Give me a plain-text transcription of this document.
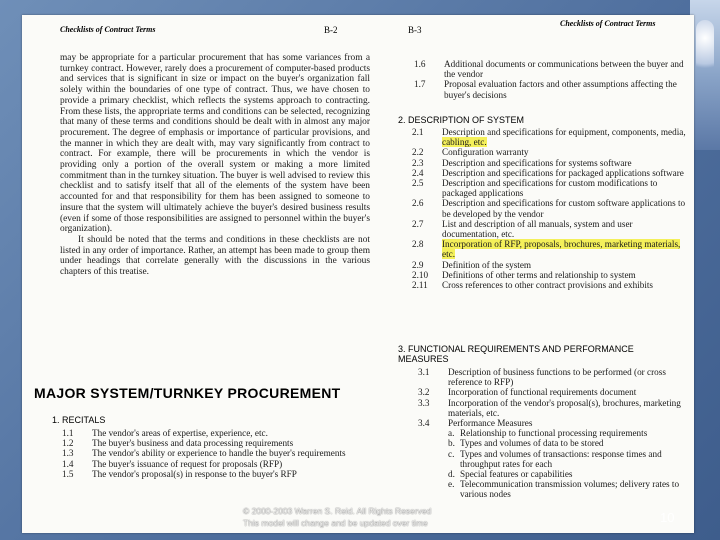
Checklists of Contract Terms	B-2

may be appropriate for a particular procurement that has some variances from a turnkey contract. However, rarely does a procurement of computer-based products and services that is significant in size or impact on the buyer's organization fall solely within the boundaries of one type of contract. Thus, we have chosen to provide a primary checklist, which reflects the systems approach to contracting. From these lists, the appropriate terms and conditions can be selected, recognizing that many of these terms and conditions should be dealt with in almost any major procurement. The degree of emphasis or importance of particular provisions, and the manner in which they are dealt with, may vary significantly from contract to contract. For example, there will be procurements in which the vendor is providing only a portion of the overall system or making a more limited commitment than in the turnkey situation. The buyer is well advised to review this checklist and to satisfy itself that all of the elements of the system have been accounted for and that responsibility for them has been assigned to someone to insure that the system will ultimately achieve the buyer's desired business results (even if some of those responsibilities are assigned to personnel within the buyer's organization).

It should be noted that the terms and conditions in these checklists are not listed in any order of importance. Rather, an attempt has been made to group them under headings that correlate generally with the discussions in the various chapters of this treatise.

MAJOR SYSTEM/TURNKEY PROCUREMENT
1. RECITALS
1.1	The vendor's areas of expertise, experience, etc.
1.2	The buyer's business and data processing requirements
1.3	The vendor's ability or experience to handle the buyer's requirements
1.4	The buyer's issuance of request for proposals (RFP)
1.5	The vendor's proposal(s) in response to the buyer's RFP
B-3
Checklists of Contract Terms
1.6	Additional documents or communications between the buyer and the vendor
1.7	Proposal evaluation factors and other assumptions affecting the buyer's decisions
2. DESCRIPTION OF SYSTEM
2.1	Description and specifications for equipment, components, media, cabling, etc.
2.2	Configuration warranty
2.3	Description and specifications for systems software
2.4	Description and specifications for packaged applications software
2.5	Description and specifications for custom modifications to packaged applications
2.6	Description and specifications for custom software applications to be developed by the vendor
2.7	List and description of all manuals, system and user documentation, etc.
2.8	Incorporation of RFP, proposals, brochures, marketing materials, etc.
2.9	Definition of the system
2.10	Definitions of other terms and relationship to system
2.11	Cross references to other contract provisions and exhibits
3. FUNCTIONAL REQUIREMENTS AND PERFORMANCE MEASURES
3.1	Description of business functions to be performed (or cross reference to RFP)
3.2	Incorporation of functional requirements document
3.3	Incorporation of the vendor's proposal(s), brochures, marketing materials, etc.
3.4	Performance Measures
a. Relationship to functional processing requirements
b. Types and volumes of data to be stored
c. Types and volumes of transactions: response times and throughput rates for each
d. Special features or capabilities
e. Telecommunication transmission volumes; delivery rates to various nodes
© 2000-2003 Warren S. Reid. All Rights Reserved
This model will change and be updated over time	10
